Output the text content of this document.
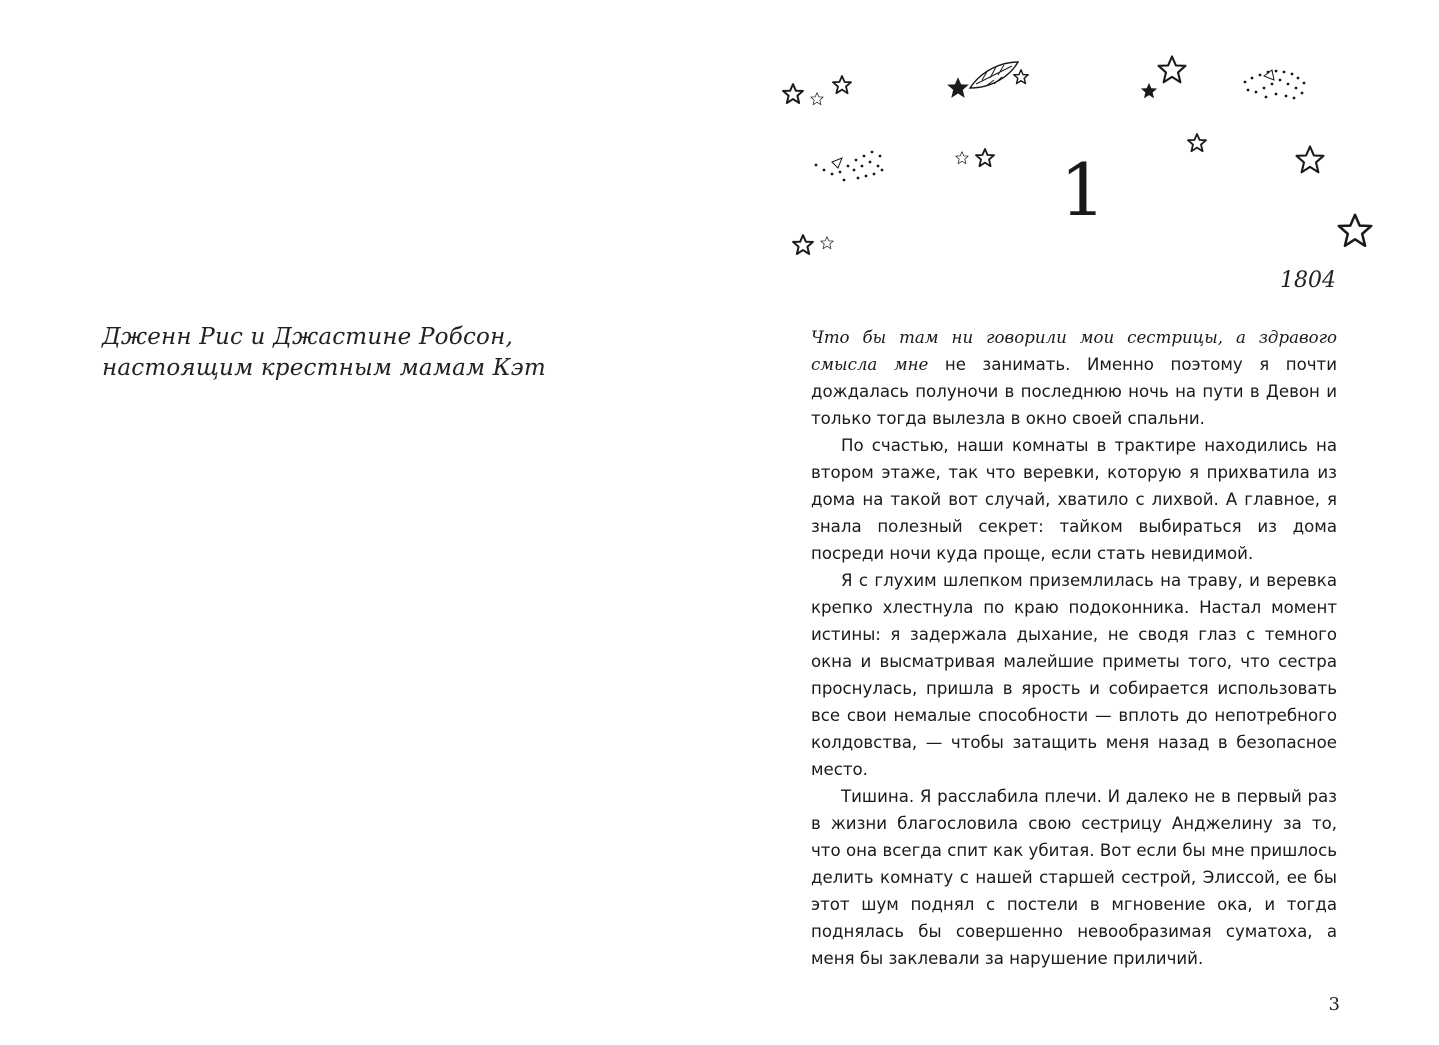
Дженн Рис и Джастине Робсон,
настоящим крестным мамам Кэт
1
1804

Что бы там ни говорили мои сестрицы, а здравого смысла мне не занимать. Именно поэтому я почти дождалась полуночи в последнюю ночь на пути в Девон и только тогда вылезла в окно своей спальни.

По счастью, наши комнаты в трактире находились на втором этаже, так что веревки, которую я прихватила из дома на такой вот случай, хватило с лихвой. А главное, я знала полезный секрет: тайком выбираться из дома посреди ночи куда проще, если стать невидимой.

Я с глухим шлепком приземлилась на траву, и веревка крепко хлестнула по краю подоконника. Настал момент истины: я задержала дыхание, не сводя глаз с темного окна и высматривая малейшие приметы того, что сестра проснулась, пришла в ярость и собирается использовать все свои немалые способности — вплоть до непотребного колдовства, — чтобы затащить меня назад в безопасное место.

Тишина. Я расслабила плечи. И далеко не в первый раз в жизни благословила свою сестрицу Анджелину за то, что она всегда спит как убитая. Вот если бы мне пришлось делить комнату с нашей старшей сестрой, Элиссой, ее бы этот шум поднял с постели в мгновение ока, и тогда поднялась бы совершенно невообразимая суматоха, а меня бы заклевали за нарушение приличий.

3
